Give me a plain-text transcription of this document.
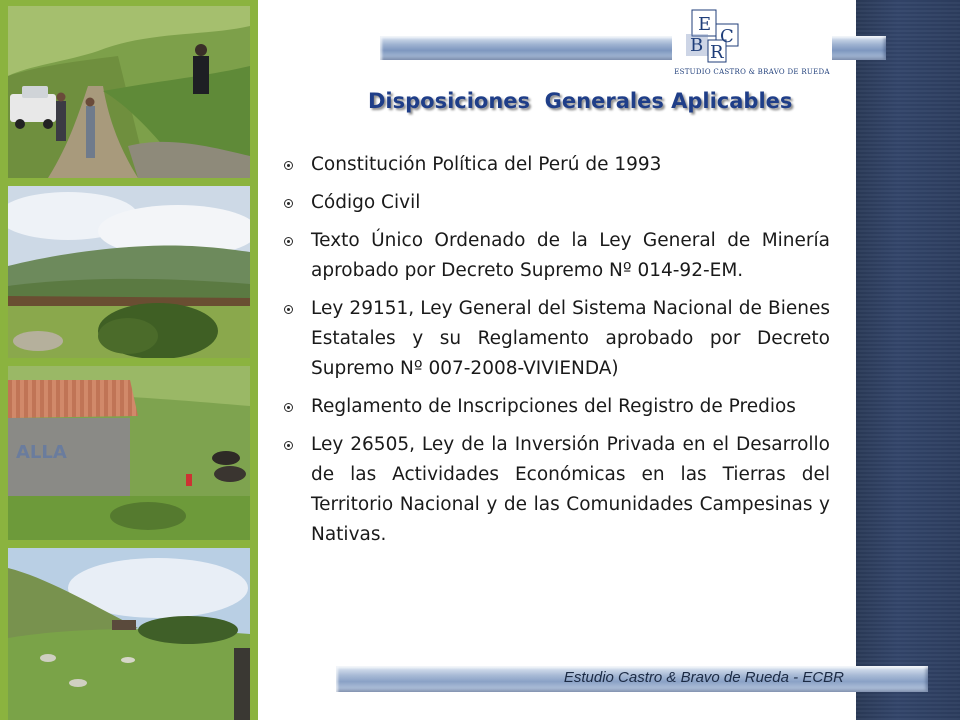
ALLA
E
C
B R
ESTUDIO CASTRO & BRAVO DE RUEDA
Disposiciones  Generales Aplicables
Constitución Política del Perú de 1993
Código Civil
Texto Único Ordenado de la Ley General de Minería aprobado por Decreto Supremo Nº 014-92-EM.
Ley 29151, Ley General del Sistema Nacional de Bienes Estatales y su Reglamento aprobado por Decreto Supremo Nº 007-2008-VIVIENDA)
Reglamento de Inscripciones del Registro de Predios
Ley 26505, Ley de la Inversión Privada en el Desarrollo de las Actividades Económicas en las Tierras del Territorio Nacional y de las Comunidades Campesinas y Nativas.
Estudio Castro & Bravo de Rueda - ECBR
